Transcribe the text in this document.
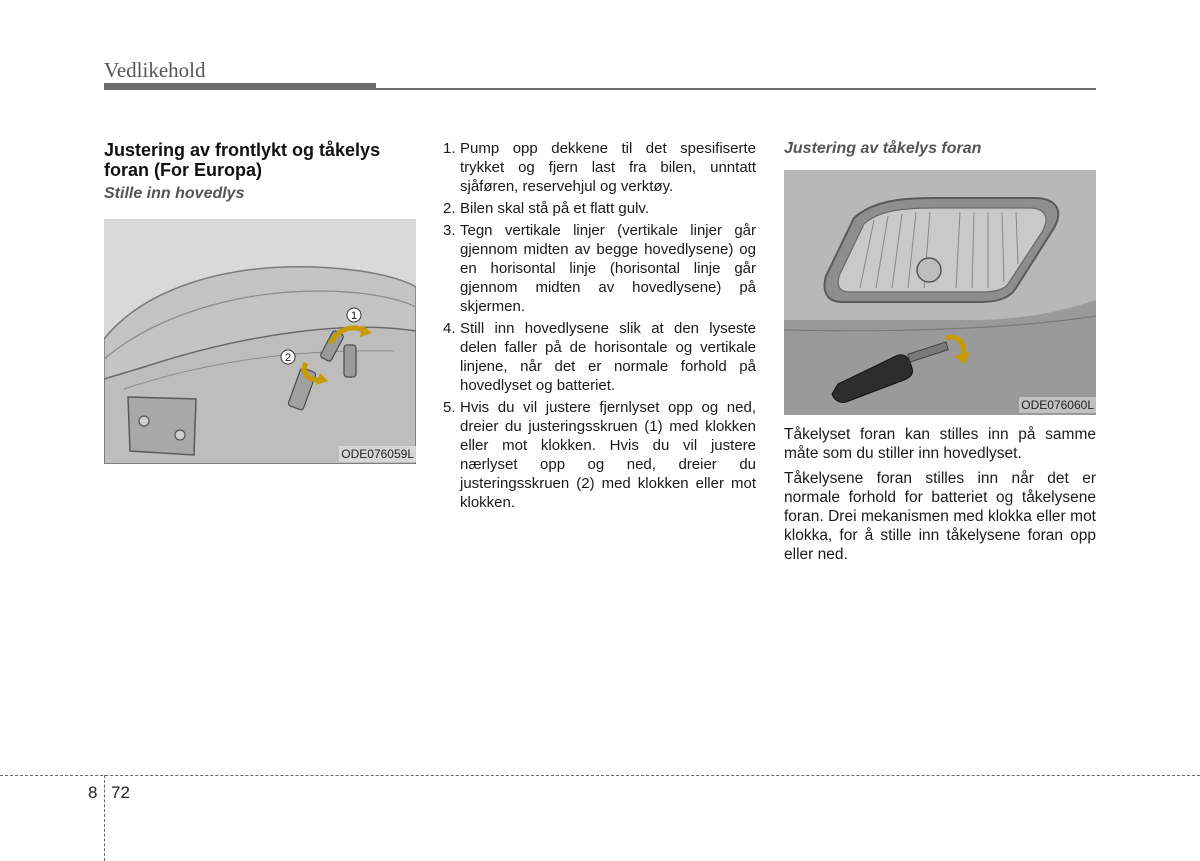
Vedlikehold
Justering av frontlykt og tåkelys foran (For Europa)
Stille inn hovedlys
1
2
ODE076059L
1. Pump opp dekkene til det spesifiserte trykket og fjern last fra bilen, unntatt sjåføren, reservehjul og verktøy.
2. Bilen skal stå på et flatt gulv.
3. Tegn vertikale linjer (vertikale linjer går gjennom midten av begge hovedlysene) og en horisontal linje (horisontal linje går gjennom midten av hovedlysene) på skjermen.
4. Still inn hovedlysene slik at den lyseste delen faller på de horisontale og vertikale linjene, når det er normale forhold på hovedlyset og batteriet.
5. Hvis du vil justere fjernlyset opp og ned, dreier du justeringsskruen (1) med klokken eller mot klokken. Hvis du vil justere nærlyset opp og ned, dreier du justeringsskruen (2) med klokken eller mot klokken.
Justering av tåkelys foran
ODE076060L

Tåkelyset foran kan stilles inn på samme måte som du stiller inn hovedlyset.

Tåkelysene foran stilles inn når det er normale forhold for batteriet og tåkelysene foran. Drei mekanismen med klokka eller mot klokka, for å stille inn tåkelysene foran opp eller ned.

8 72
